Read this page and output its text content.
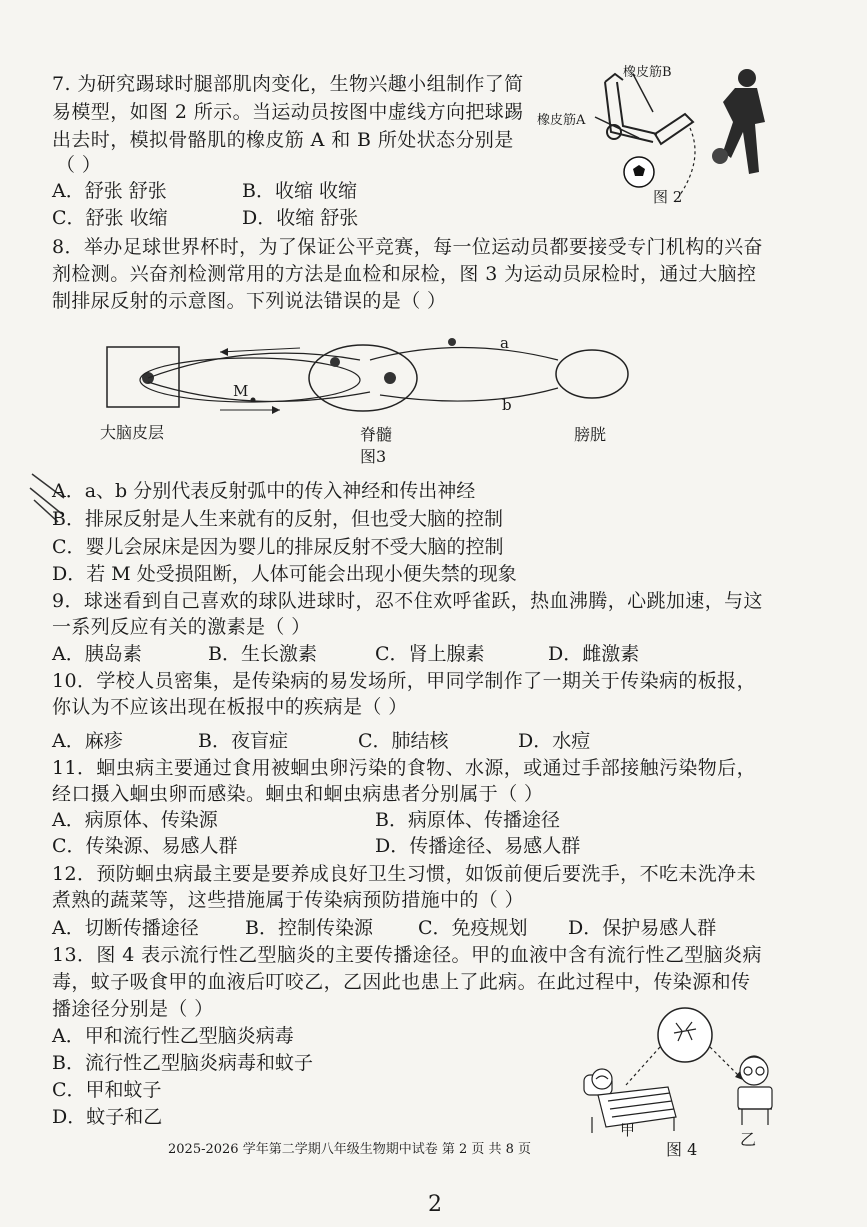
7. 为研究踢球时腿部肌肉变化，生物兴趣小组制作了简
易模型，如图 2 所示。当运动员按图中虚线方向把球踢
出去时，模拟骨骼肌的橡皮筋 A 和 B 所处状态分别是
（ ）
A．舒张 舒张	B．收缩 收缩
C．舒张 收缩	D．收缩 舒张
橡皮筋B
橡皮筋A
图 2
8．举办足球世界杯时，为了保证公平竞赛，每一位运动员都要接受专门机构的兴奋
剂检测。兴奋剂检测常用的方法是血检和尿检，图 3 为运动员尿检时，通过大脑控
制排尿反射的示意图。下列说法错误的是（ ）
M
a
b
大脑皮层	脊髓	膀胱
图3
A．a、b 分别代表反射弧中的传入神经和传出神经
B．排尿反射是人生来就有的反射，但也受大脑的控制
C．婴儿会尿床是因为婴儿的排尿反射不受大脑的控制
D．若 M 处受损阻断，人体可能会出现小便失禁的现象
9．球迷看到自己喜欢的球队进球时，忍不住欢呼雀跃，热血沸腾，心跳加速，与这
一系列反应有关的激素是（ ）
A．胰岛素	B．生长激素	C．肾上腺素	D．雌激素
10．学校人员密集，是传染病的易发场所，甲同学制作了一期关于传染病的板报，
你认为不应该出现在板报中的疾病是（ ）
A．麻疹	B．夜盲症	C．肺结核	D．水痘
11．蛔虫病主要通过食用被蛔虫卵污染的食物、水源，或通过手部接触污染物后，
经口摄入蛔虫卵而感染。蛔虫和蛔虫病患者分别属于（ ）
A．病原体、传染源	B．病原体、传播途径
C．传染源、易感人群	D．传播途径、易感人群
12．预防蛔虫病最主要是要养成良好卫生习惯，如饭前便后要洗手，不吃未洗净未
煮熟的蔬菜等，这些措施属于传染病预防措施中的（ ）
A．切断传播途径 B．控制传染源 C．免疫规划 D．保护易感人群
13．图 4 表示流行性乙型脑炎的主要传播途径。甲的血液中含有流行性乙型脑炎病
毒，蚊子吸食甲的血液后叮咬乙，乙因此也患上了此病。在此过程中，传染源和传
播途径分别是（ ）
A．甲和流行性乙型脑炎病毒
B．流行性乙型脑炎病毒和蚊子
C．甲和蚊子
D．蚊子和乙
甲
图 4
乙
2025-2026 学年第二学期八年级生物期中试卷 第 2 页 共 8 页
2
